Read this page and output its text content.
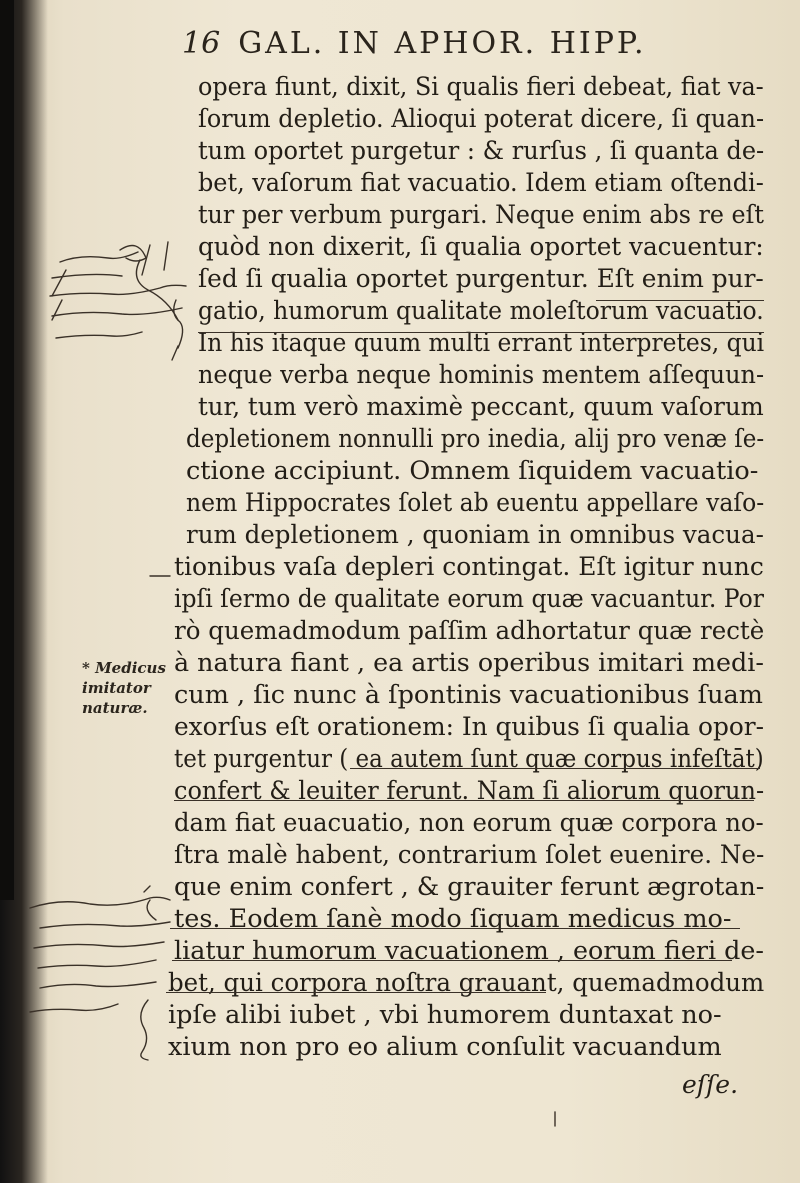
16 GAL. IN APHOR. HIPP.
opera fiunt, dixit, Si qualis fieri debeat, fiat va-
ſorum depletio. Alioqui poterat dicere, ſi quan-
tum oportet purgetur : & rurſus , ſi quanta de-
bet, vaſorum fiat vacuatio. Idem etiam oſtendi-
tur per verbum purgari. Neque enim abs re eſt
quòd non dixerit, ſi qualia oportet vacuentur:
ſed ſi qualia oportet purgentur. Eſt enim pur-
gatio, humorum qualitate moleſtorum vacuatio.
In his itaque quum multi errant interpretes, qui
neque verba neque hominis mentem aſſequun-
tur, tum verò maximè peccant, quum vaſorum
depletionem nonnulli pro inedia, alij pro venæ ſe-
ctione accipiunt. Omnem ſiquidem vacuatio-
nem Hippocrates ſolet ab euentu appellare vaſo-
rum depletionem , quoniam in omnibus vacua-
tionibus vaſa depleri contingat. Eſt igitur nunc
ipſi ſermo de qualitate eorum quæ vacuantur. Por
rò quemadmodum paſſim adhortatur quæ rectè
à natura fiant , ea artis operibus imitari medi-
cum , ſic nunc à ſpontinis vacuationibus ſuam
exorſus eſt orationem: In quibus ſi qualia opor-
tet purgentur ( ea autem ſunt quæ corpus infeſtāt)
confert & leuiter ferunt. Nam ſi aliorum quorun-
dam fiat euacuatio, non eorum quæ corpora no-
ſtra malè habent, contrarium ſolet euenire. Ne-
que enim confert , & grauiter ferunt ægrotan-
tes. Eodem ſanè modo ſiquam medicus mo-
liatur humorum vacuationem , eorum fieri de-
bet, qui corpora noſtra grauant, quemadmodum
ipſe alibi iubet , vbi humorem duntaxat no-
xium non pro eo alium conſulit vacuandum
eſſe.
* Medicus
imitator
naturæ.
